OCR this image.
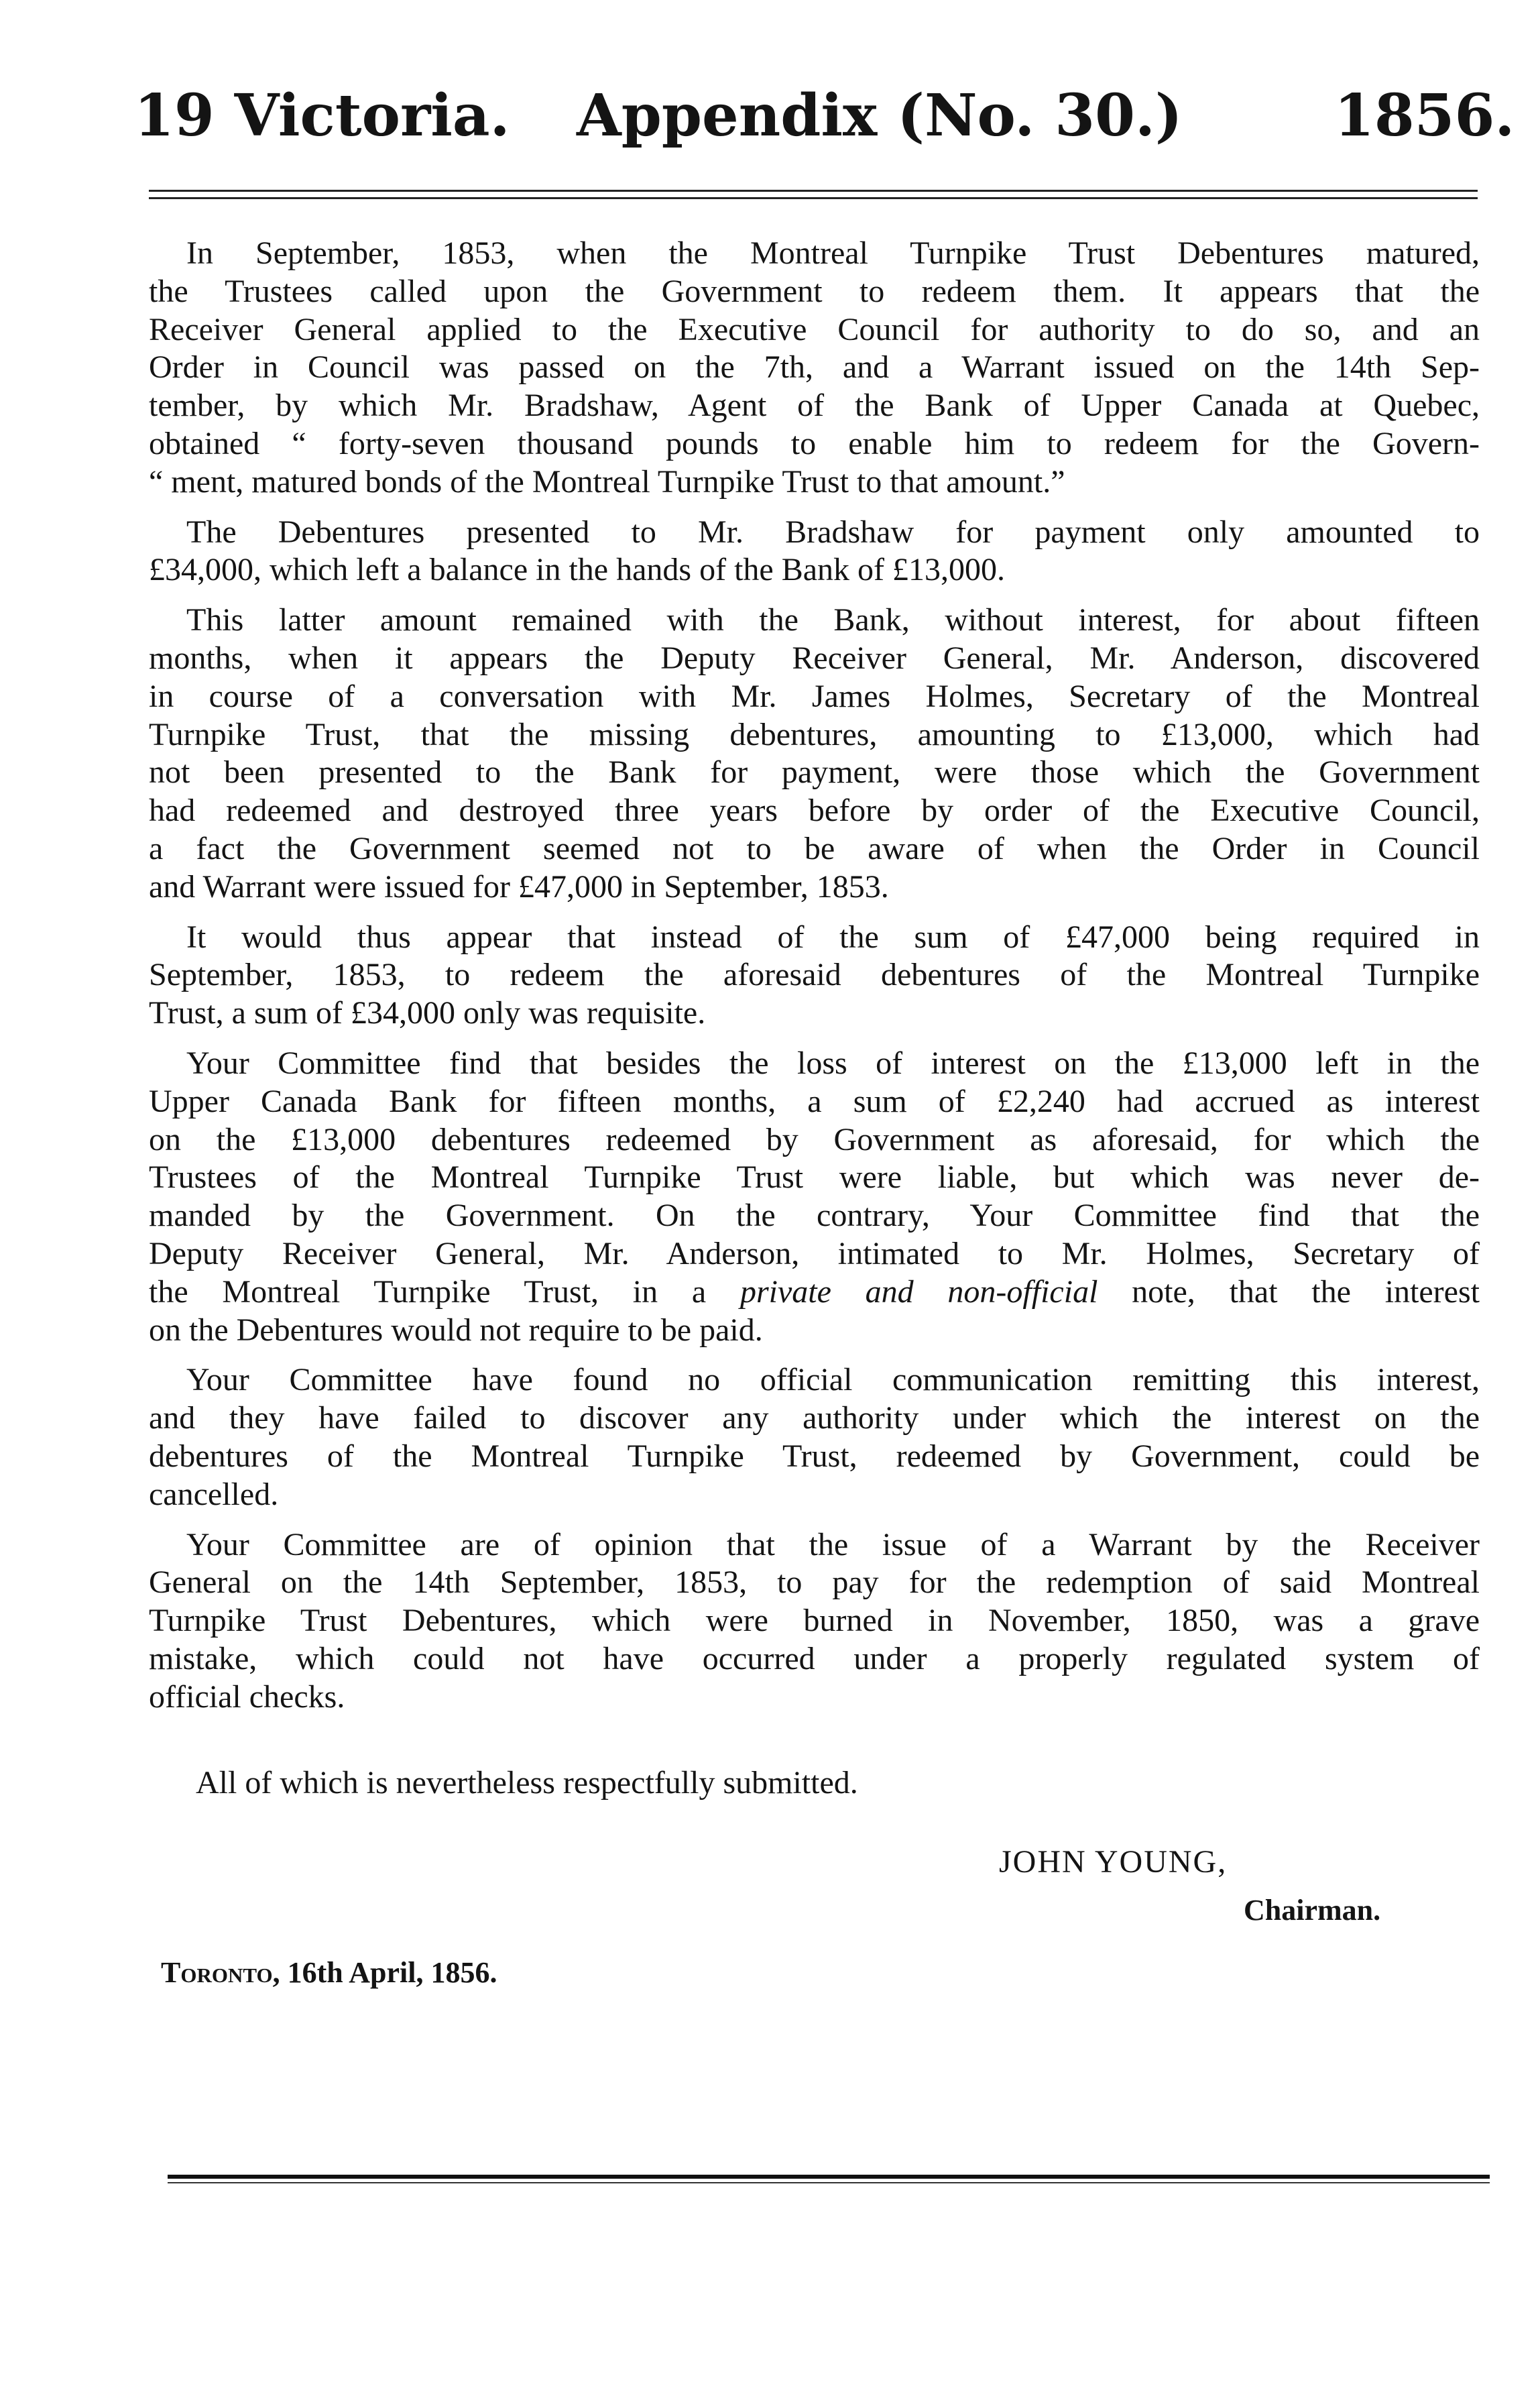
19 Victoria. Appendix (No. 30.)	1856.
In September, 1853, when the Montreal Turnpike Trust Debentures matured,
the Trustees called upon the Government to redeem them. It appears that the
Receiver General applied to the Executive Council for authority to do so, and an
Order in Council was passed on the 7th, and a Warrant issued on the 14th Sep-
tember, by which Mr. Bradshaw, Agent of the Bank of Upper Canada at Quebec,
obtained “ forty-seven thousand pounds to enable him to redeem for the Govern-
“ ment, matured bonds of the Montreal Turnpike Trust to that amount.”
The Debentures presented to Mr. Bradshaw for payment only amounted to
£34,000, which left a balance in the hands of the Bank of £13,000.
This latter amount remained with the Bank, without interest, for about fifteen
months, when it appears the Deputy Receiver General, Mr. Anderson, discovered
in course of a conversation with Mr. James Holmes, Secretary of the Montreal
Turnpike Trust, that the missing debentures, amounting to £13,000, which had
not been presented to the Bank for payment, were those which the Government
had redeemed and destroyed three years before by order of the Executive Council,
a fact the Government seemed not to be aware of when the Order in Council
and Warrant were issued for £47,000 in September, 1853.
It would thus appear that instead of the sum of £47,000 being required in
September, 1853, to redeem the aforesaid debentures of the Montreal Turnpike
Trust, a sum of £34,000 only was requisite.
Your Committee find that besides the loss of interest on the £13,000 left in the
Upper Canada Bank for fifteen months, a sum of £2,240 had accrued as interest
on the £13,000 debentures redeemed by Government as aforesaid, for which the
Trustees of the Montreal Turnpike Trust were liable, but which was never de-
manded by the Government. On the contrary, Your Committee find that the
Deputy Receiver General, Mr. Anderson, intimated to Mr. Holmes, Secretary of
the Montreal Turnpike Trust, in a private and non-official note, that the interest
on the Debentures would not require to be paid.
Your Committee have found no official communication remitting this interest,
and they have failed to discover any authority under which the interest on the
debentures of the Montreal Turnpike Trust, redeemed by Government, could be
cancelled.
Your Committee are of opinion that the issue of a Warrant by the Receiver
General on the 14th September, 1853, to pay for the redemption of said Montreal
Turnpike Trust Debentures, which were burned in November, 1850, was a grave
mistake, which could not have occurred under a properly regulated system of
official checks.
All of which is nevertheless respectfully submitted.
JOHN YOUNG,
Chairman.
Toronto, 16th April, 1856.
